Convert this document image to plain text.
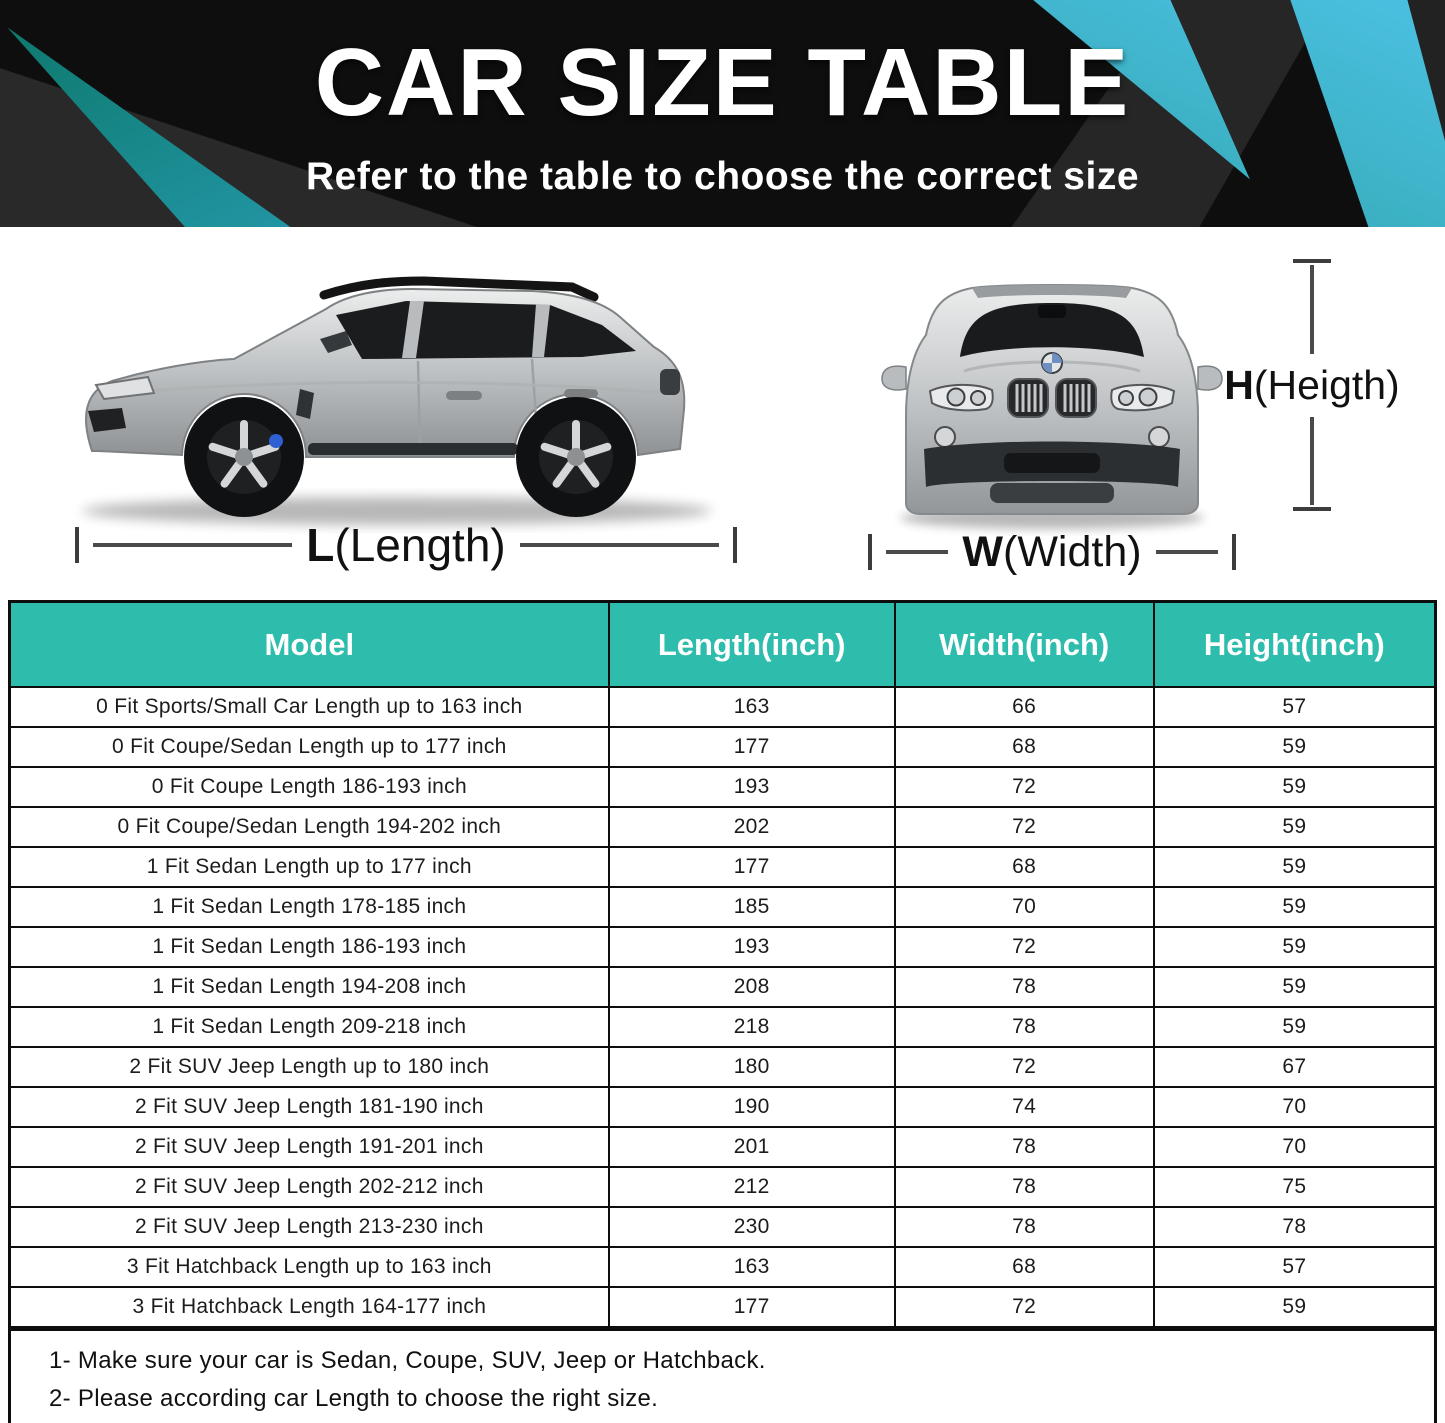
CAR SIZE TABLE
Refer to the table to choose the correct size
L(Length)	W(Width)
H(Heigth)
Model	Length(inch)	Width(inch)	Height(inch)
0 Fit Sports/Small Car Length up to 163 inch	163	66	57
0 Fit Coupe/Sedan Length up to 177 inch	177	68	59
0 Fit Coupe Length 186-193 inch	193	72	59
0 Fit Coupe/Sedan Length 194-202 inch	202	72	59
1 Fit Sedan Length up to 177 inch	177	68	59
1 Fit Sedan Length 178-185 inch	185	70	59
1 Fit Sedan Length 186-193 inch	193	72	59
1 Fit Sedan Length 194-208 inch	208	78	59
1 Fit Sedan Length 209-218 inch	218	78	59
2 Fit SUV Jeep Length up to 180 inch	180	72	67
2 Fit SUV Jeep Length 181-190 inch	190	74	70
2 Fit SUV Jeep Length 191-201 inch	201	78	70
2 Fit SUV Jeep Length 202-212 inch	212	78	75
2 Fit SUV Jeep Length 213-230 inch	230	78	78
3 Fit Hatchback Length up to 163 inch	163	68	57
3 Fit Hatchback Length 164-177 inch	177	72	59
1- Make sure your car is Sedan, Coupe, SUV, Jeep or Hatchback.
2- Please according car Length to choose the right size.
